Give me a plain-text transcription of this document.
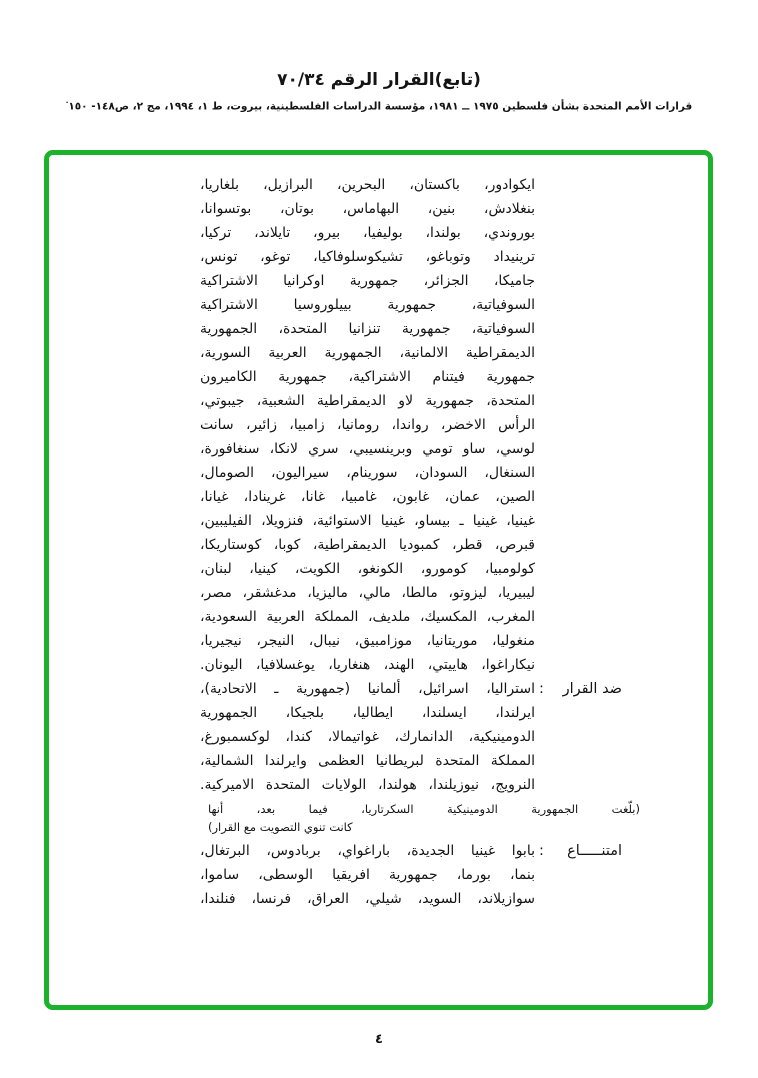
(تابع)القرار الرقم ٧٠/٣٤
قرارات الأمم المتحدة بشأن فلسطين ١٩٧٥ ــ ١٩٨١، مؤسسة الدراسات الفلسطينية، بيروت، ط ١، ١٩٩٤، مج ٢، ص١٤٨- ١٥٠·
ايكوادور، باكستان، البحرين، البرازيل، بلغاريا،
بنغلادش، بنين، البهاماس، بوتان، بوتسوانا،
بوروندي، بولندا، بوليفيا، بيرو، تايلاند، تركيا،
ترينيداد وتوباغو، تشيكوسلوفاكيا، توغو، تونس،
جاميكا، الجزائر، جمهورية اوكرانيا الاشتراكية
السوفياتية، جمهورية بييلوروسيا الاشتراكية
السوفياتية، جمهورية تنزانيا المتحدة، الجمهورية
الديمقراطية الالمانية، الجمهورية العربية السورية،
جمهورية فيتنام الاشتراكية، جمهورية الكاميرون
المتحدة، جمهورية لاو الديمقراطية الشعبية، جيبوتي،
الرأس الاخضر، رواندا، رومانيا، زامبيا، زائير، سانت
لوسي، ساو تومي وبرينسيبي، سري لانكا، سنغافورة،
السنغال، السودان، سورينام، سيراليون، الصومال،
الصين، عمان، غابون، غامبيا، غانا، غرينادا، غيانا،
غينيا، غينيا ـ بيساو، غينيا الاستوائية، فنزويلا، الفيليبين،
قبرص، قطر، كمبوديا الديمقراطية، كوبا، كوستاريكا،
كولومبيا، كومورو، الكونغو، الكويت، كينيا، لبنان،
ليبيريا، ليزوتو، مالطا، مالي، ماليزيا، مدغشقر، مصر،
المغرب، المكسيك، ملديف، المملكة العربية السعودية،
منغوليا، موريتانيا، موزامبيق، نيبال، النيجر، نيجيريا،
نيكاراغوا، هاييتي، الهند، هنغاريا، يوغسلافيا، اليونان.
ضد القرار
:
استراليا، اسرائيل، ألمانيا (جمهورية ـ الاتحادية)،
ايرلندا، ايسلندا، ايطاليا، بلجيكا، الجمهورية
الدومينيكية، الدانمارك، غواتيمالا، كندا، لوكسمبورغ،
المملكة المتحدة لبريطانيا العظمى وايرلندا الشمالية،
النرويج، نيوزيلندا، هولندا، الولايات المتحدة الاميركية.
(بلّغت الجمهورية الدومينيكية السكرتاريا، فيما بعد، أنها
كانت تنوي التصويت مع القرار)
امتنـــــاع
:
بابوا غينيا الجديدة، باراغواي، بربادوس، البرتغال،
بنما، بورما، جمهورية افريقيا الوسطى، ساموا،
سوازيلاند، السويد، شيلي، العراق، فرنسا، فنلندا،
٤
